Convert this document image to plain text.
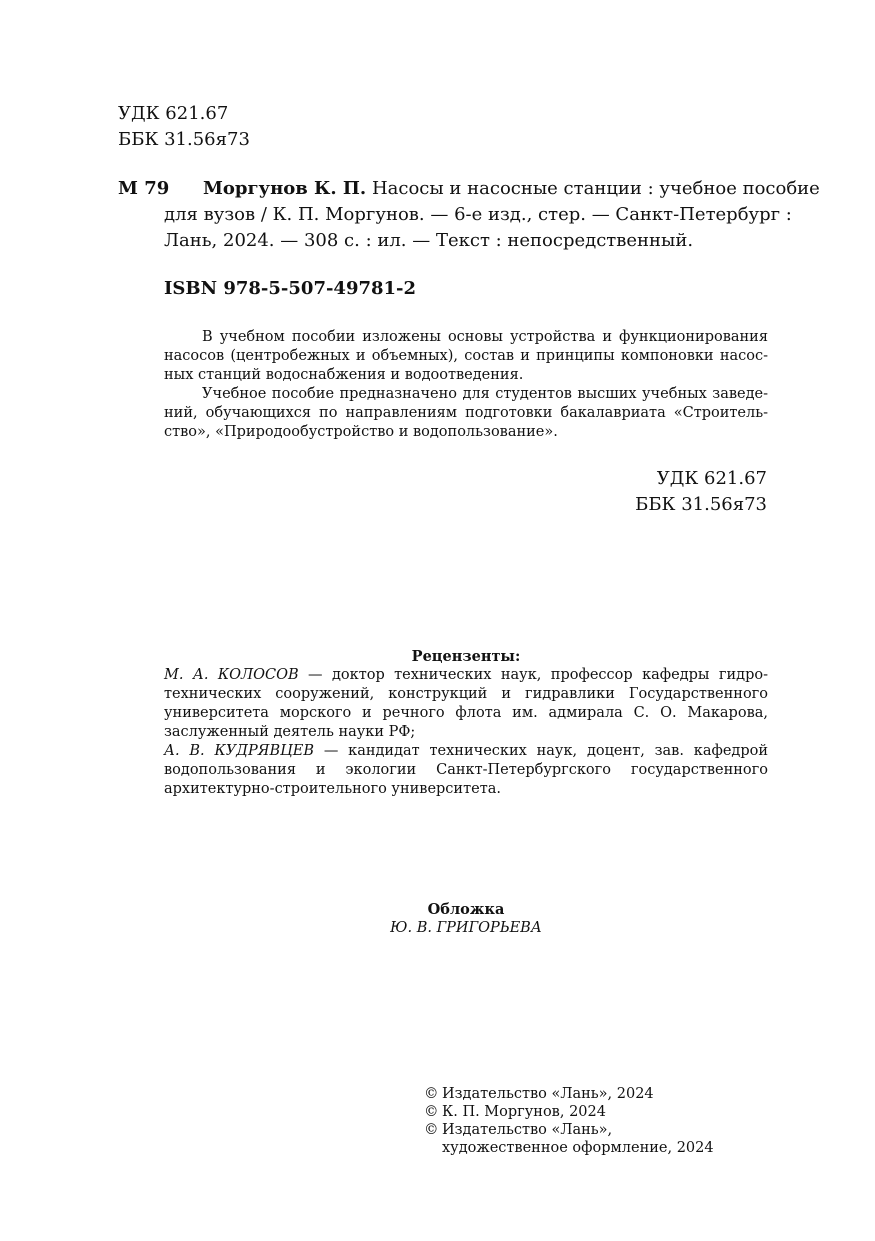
УДК 621.67
ББК 31.56я73
М 79 Моргунов К. П. Насосы и насосные станции : учебное пособие
для вузов / К. П. Моргунов. — 6-е изд., стер. — Санкт-Петербург :
Лань, 2024. — 308 с. : ил. — Текст : непосредственный.
ISBN 978-5-507-49781-2
В учебном пособии изложены основы устройства и функционирования
насосов (центробежных и объемных), состав и принципы компоновки насос-
ных станций водоснабжения и водоотведения.
Учебное пособие предназначено для студентов высших учебных заведе-
ний, обучающихся по направлениям подготовки бакалавриата «Строитель-
ство», «Природообустройство и водопользование».
УДК 621.67
ББК 31.56я73
Рецензенты:
М. А. КОЛОСОВ — доктор технических наук, профессор кафедры гидро-
технических сооружений, конструкций и гидравлики Государственного
университета морского и речного флота им. адмирала С. О. Макарова,
заслуженный деятель науки РФ;
А. В. КУДРЯВЦЕВ — кандидат технических наук, доцент, зав. кафедрой
водопользования и экологии Санкт-Петербургского государственного
архитектурно-строительного университета.
Обложка
Ю. В. ГРИГОРЬЕВА
© Издательство «Лань», 2024
© К. П. Моргунов, 2024
© Издательство «Лань»,
художественное оформление, 2024
